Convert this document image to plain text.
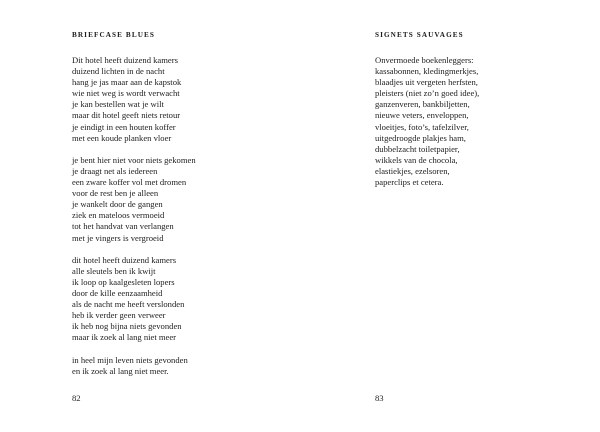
BRIEFCASE BLUES
Dit hotel heeft duizend kamers
duizend lichten in de nacht
hang je jas maar aan de kapstok
wie niet weg is wordt verwacht
je kan bestellen wat je wilt
maar dit hotel geeft niets retour
je eindigt in een houten koffer
met een koude planken vloer
je bent hier niet voor niets gekomen
je draagt net als iedereen
een zware koffer vol met dromen
voor de rest ben je alleen
je wankelt door de gangen
ziek en mateloos vermoeid
tot het handvat van verlangen
met je vingers is vergroeid
dit hotel heeft duizend kamers
alle sleutels ben ik kwijt
ik loop op kaalgesleten lopers
door de kille eenzaamheid
als de nacht me heeft verslonden
heb ik verder geen verweer
ik heb nog bijna niets gevonden
maar ik zoek al lang niet meer
in heel mijn leven niets gevonden
en ik zoek al lang niet meer.
82
SIGNETS SAUVAGES
Onvermoede boekenleggers:
kassabonnen, kledingmerkjes,
blaadjes uit vergeten herfsten,
pleisters (niet zo’n goed idee),
ganzenveren, bankbiljetten,
nieuwe veters, enveloppen,
vloeitjes, foto’s, tafelzilver,
uitgedroogde plakjes ham,
dubbelzacht toiletpapier,
wikkels van de chocola,
elastiekjes, ezelsoren,
paperclips et cetera.
83
